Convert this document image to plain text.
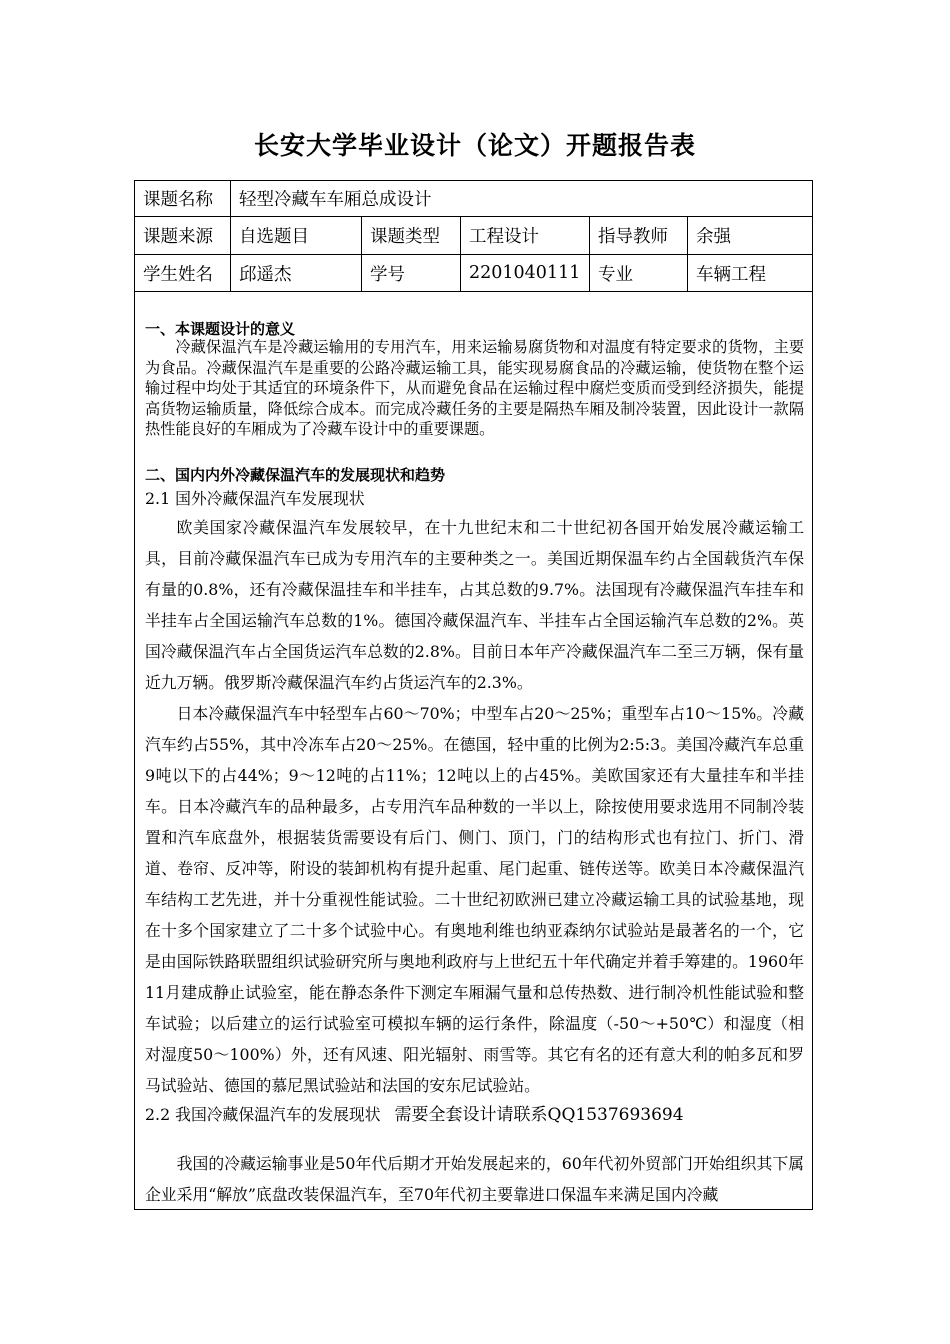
长安大学毕业设计（论文）开题报告表
课题名称	轻型冷藏车车厢总成设计
课题来源	自选题目	课题类型	工程设计	指导教师	余强
学生姓名	邱遥杰	学号	2201040111	专业	车辆工程
一、本课题设计的意义
冷藏保温汽车是冷藏运输用的专用汽车，用来运输易腐货物和对温度有特定要求的货物，主要为食品。冷藏保温汽车是重要的公路冷藏运输工具，能实现易腐食品的冷藏运输，使货物在整个运输过程中均处于其适宜的环境条件下，从而避免食品在运输过程中腐烂变质而受到经济损失，能提高货物运输质量，降低综合成本。而完成冷藏任务的主要是隔热车厢及制冷装置，因此设计一款隔热性能良好的车厢成为了冷藏车设计中的重要课题。
二、国内内外冷藏保温汽车的发展现状和趋势
2.1 国外冷藏保温汽车发展现状
欧美国家冷藏保温汽车发展较早，在十九世纪末和二十世纪初各国开始发展冷藏运输工具，目前冷藏保温汽车已成为专用汽车的主要种类之一。美国近期保温车约占全国载货汽车保有量的0.8%，还有冷藏保温挂车和半挂车，占其总数的9.7%。法国现有冷藏保温汽车挂车和半挂车占全国运输汽车总数的1%。德国冷藏保温汽车、半挂车占全国运输汽车总数的2%。英国冷藏保温汽车占全国货运汽车总数的2.8%。目前日本年产冷藏保温汽车二至三万辆，保有量近九万辆。俄罗斯冷藏保温汽车约占货运汽车的2.3%。
日本冷藏保温汽车中轻型车占60～70%；中型车占20～25%；重型车占10～15%。冷藏汽车约占55%，其中冷冻车占20～25%。在德国，轻中重的比例为2:5:3。美国冷藏汽车总重9吨以下的占44%；9～12吨的占11%；12吨以上的占45%。美欧国家还有大量挂车和半挂车。日本冷藏汽车的品种最多，占专用汽车品种数的一半以上，除按使用要求选用不同制冷装置和汽车底盘外，根据装货需要设有后门、侧门、顶门，门的结构形式也有拉门、折门、滑道、卷帘、反冲等，附设的装卸机构有提升起重、尾门起重、链传送等。欧美日本冷藏保温汽车结构工艺先进，并十分重视性能试验。二十世纪初欧洲已建立冷藏运输工具的试验基地，现在十多个国家建立了二十多个试验中心。有奥地利维也纳亚森纳尔试验站是最著名的一个，它是由国际铁路联盟组织试验研究所与奥地利政府与上世纪五十年代确定并着手筹建的。1960年11月建成静止试验室，能在静态条件下测定车厢漏气量和总传热数、进行制冷机性能试验和整车试验；以后建立的运行试验室可模拟车辆的运行条件，除温度（-50～+50℃）和湿度（相对湿度50～100%）外，还有风速、阳光辐射、雨雪等。其它有名的还有意大利的帕多瓦和罗马试验站、德国的慕尼黑试验站和法国的安东尼试验站。
2.2 我国冷藏保温汽车的发展现状 需要全套设计请联系QQ1537693694
我国的冷藏运输事业是50年代后期才开始发展起来的，60年代初外贸部门开始组织其下属企业采用“解放”底盘改装保温汽车，至70年代初主要靠进口保温车来满足国内冷藏
